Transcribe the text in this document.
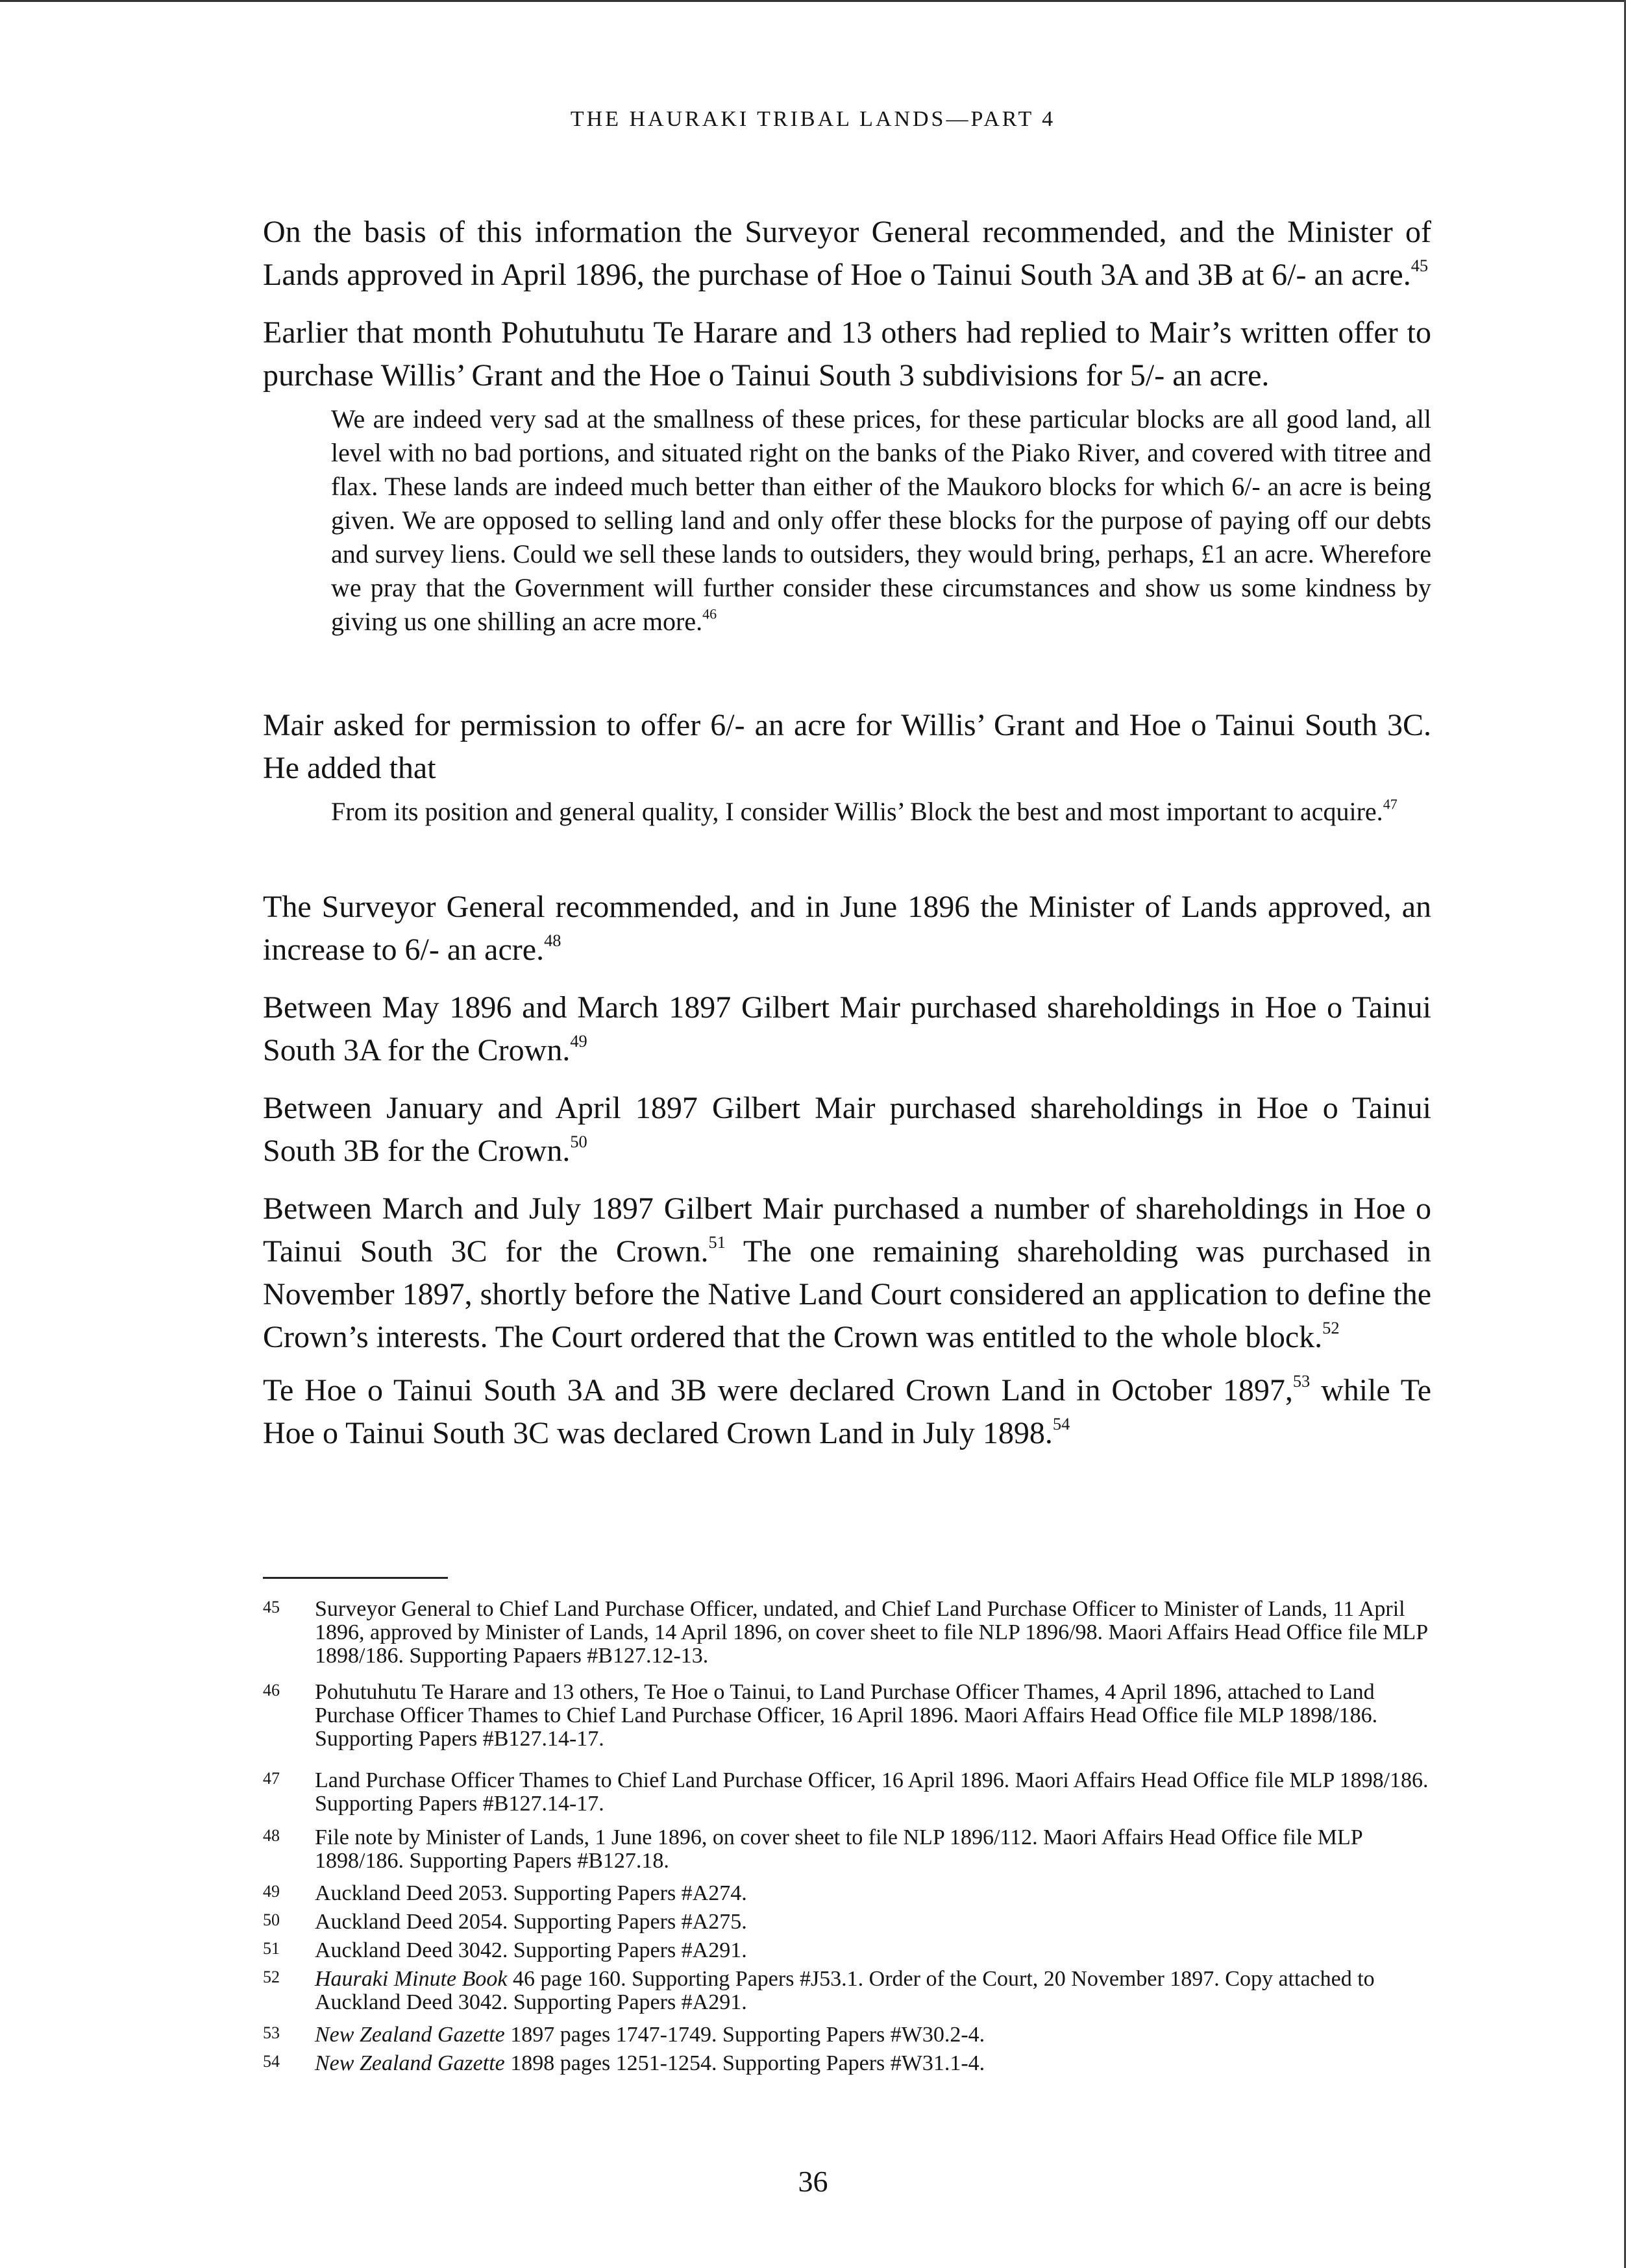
THE HAURAKI TRIBAL LANDS—PART 4

On the basis of this information the Surveyor General recommended, and the Minister of Lands approved in April 1896, the purchase of Hoe o Tainui South 3A and 3B at 6/- an acre.$^{45}$

Earlier that month Pohutuhutu Te Harare and 13 others had replied to Mair’s written offer to purchase Willis’ Grant and the Hoe o Tainui South 3 subdivisions for 5/- an acre.

We are indeed very sad at the smallness of these prices, for these particular blocks are all good land, all level with no bad portions, and situated right on the banks of the Piako River, and covered with titree and flax. These lands are indeed much better than either of the Maukoro blocks for which 6/- an acre is being given. We are opposed to selling land and only offer these blocks for the purpose of paying off our debts and survey liens. Could we sell these lands to outsiders, they would bring, perhaps, £1 an acre. Wherefore we pray that the Government will further consider these circumstances and show us some kindness by giving us one shilling an acre more.$^{46}$

Mair asked for permission to offer 6/- an acre for Willis’ Grant and Hoe o Tainui South 3C. He added that

From its position and general quality, I consider Willis’ Block the best and most important to acquire.$^{47}$

The Surveyor General recommended, and in June 1896 the Minister of Lands approved, an increase to 6/- an acre.$^{48}$

Between May 1896 and March 1897 Gilbert Mair purchased shareholdings in Hoe o Tainui South 3A for the Crown.$^{49}$

Between January and April 1897 Gilbert Mair purchased shareholdings in Hoe o Tainui South 3B for the Crown.$^{50}$

Between March and July 1897 Gilbert Mair purchased a number of shareholdings in Hoe o Tainui South 3C for the Crown.$^{51}$ The one remaining shareholding was purchased in November 1897, shortly before the Native Land Court considered an application to define the Crown’s interests. The Court ordered that the Crown was entitled to the whole block.$^{52}$

Te Hoe o Tainui South 3A and 3B were declared Crown Land in October 1897,53 while Te Hoe o Tainui South 3C was declared Crown Land in July 1898.54

45	Surveyor General to Chief Land Purchase Officer, undated, and Chief Land Purchase Officer to Minister of Lands, 11 April 1896, approved by Minister of Lands, 14 April 1896, on cover sheet to file NLP 1896/98. Maori Affairs Head Office file MLP 1898/186. Supporting Papaers #B127.12-13.
46	Pohutuhutu Te Harare and 13 others, Te Hoe o Tainui, to Land Purchase Officer Thames, 4 April 1896, attached to Land Purchase Officer Thames to Chief Land Purchase Officer, 16 April 1896. Maori Affairs Head Office file MLP 1898/186. Supporting Papers #B127.14-17.
47	Land Purchase Officer Thames to Chief Land Purchase Officer, 16 April 1896. Maori Affairs Head Office file MLP 1898/186. Supporting Papers #B127.14-17.
48	File note by Minister of Lands, 1 June 1896, on cover sheet to file NLP 1896/112. Maori Affairs Head Office file MLP 1898/186. Supporting Papers #B127.18.
49	Auckland Deed 2053. Supporting Papers #A274.
50	Auckland Deed 2054. Supporting Papers #A275.
51	Auckland Deed 3042. Supporting Papers #A291.
52	Hauraki Minute Book 46 page 160. Supporting Papers #J53.1. Order of the Court, 20 November 1897. Copy attached to Auckland Deed 3042. Supporting Papers #A291.
53	New Zealand Gazette 1897 pages 1747-1749. Supporting Papers #W30.2-4.
54	New Zealand Gazette 1898 pages 1251-1254. Supporting Papers #W31.1-4.
36
